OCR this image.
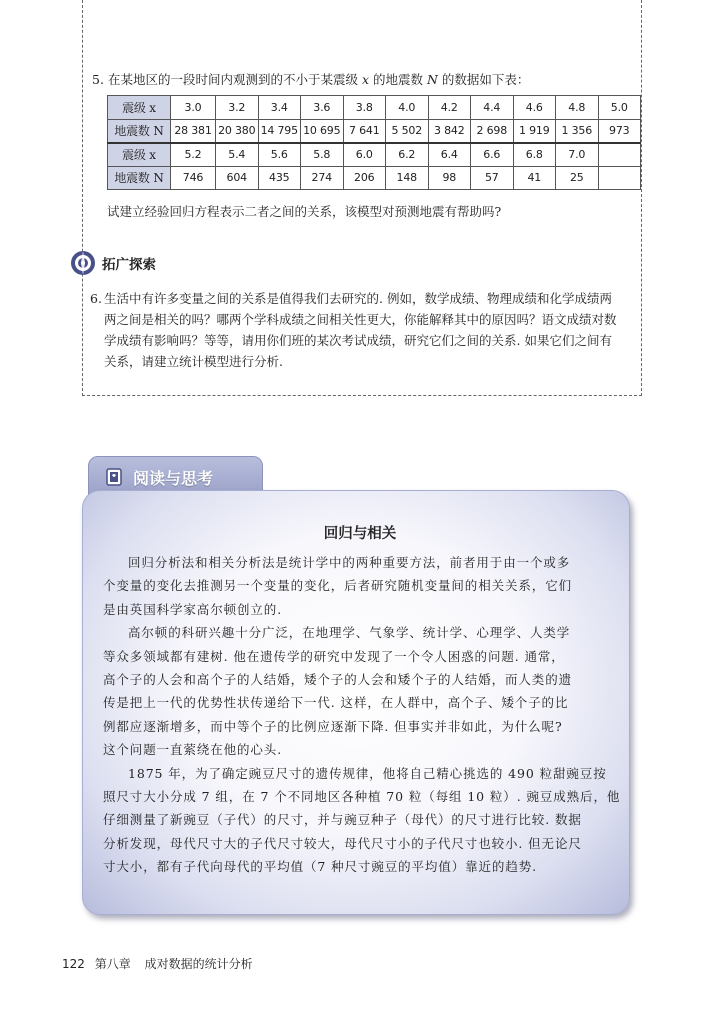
5. 在某地区的一段时间内观测到的不小于某震级 x 的地震数 N 的数据如下表：
震级 x	3.0	3.2	3.4	3.6	3.8	4.0	4.2	4.4	4.6	4.8	5.0
地震数 N	28 381	20 380	14 795	10 695	7 641	5 502	3 842	2 698	1 919	1 356	973
震级 x	5.2	5.4	5.6	5.8	6.0	6.2	6.4	6.6	6.8	7.0	
地震数 N	746	604	435	274	206	148	98	57	41	25	
试建立经验回归方程表示二者之间的关系，该模型对预测地震有帮助吗?
拓广探索
6. 生活中有许多变量之间的关系是值得我们去研究的. 例如，数学成绩、物理成绩和化学成绩两
两之间是相关的吗？哪两个学科成绩之间相关性更大，你能解释其中的原因吗？语文成绩对数
学成绩有影响吗？等等，请用你们班的某次考试成绩，研究它们之间的关系. 如果它们之间有
关系，请建立统计模型进行分析.
阅读与思考
回归与相关
回归分析法和相关分析法是统计学中的两种重要方法，前者用于由一个或多
个变量的变化去推测另一个变量的变化，后者研究随机变量间的相关关系，它们
是由英国科学家高尔顿创立的.
高尔顿的科研兴趣十分广泛，在地理学、气象学、统计学、心理学、人类学
等众多领域都有建树. 他在遗传学的研究中发现了一个令人困惑的问题. 通常，
高个子的人会和高个子的人结婚，矮个子的人会和矮个子的人结婚，而人类的遗
传是把上一代的优势性状传递给下一代. 这样，在人群中，高个子、矮个子的比
例都应逐渐增多，而中等个子的比例应逐渐下降. 但事实并非如此，为什么呢?
这个问题一直萦绕在他的心头.
1875 年，为了确定豌豆尺寸的遗传规律，他将自己精心挑选的 490 粒甜豌豆按
照尺寸大小分成 7 组，在 7 个不同地区各种植 70 粒（每组 10 粒）. 豌豆成熟后，他
仔细测量了新豌豆（子代）的尺寸，并与豌豆种子（母代）的尺寸进行比较. 数据
分析发现，母代尺寸大的子代尺寸较大，母代尺寸小的子代尺寸也较小. 但无论尺
寸大小，都有子代向母代的平均值（7 种尺寸豌豆的平均值）靠近的趋势.
122 第八章 成对数据的统计分析
